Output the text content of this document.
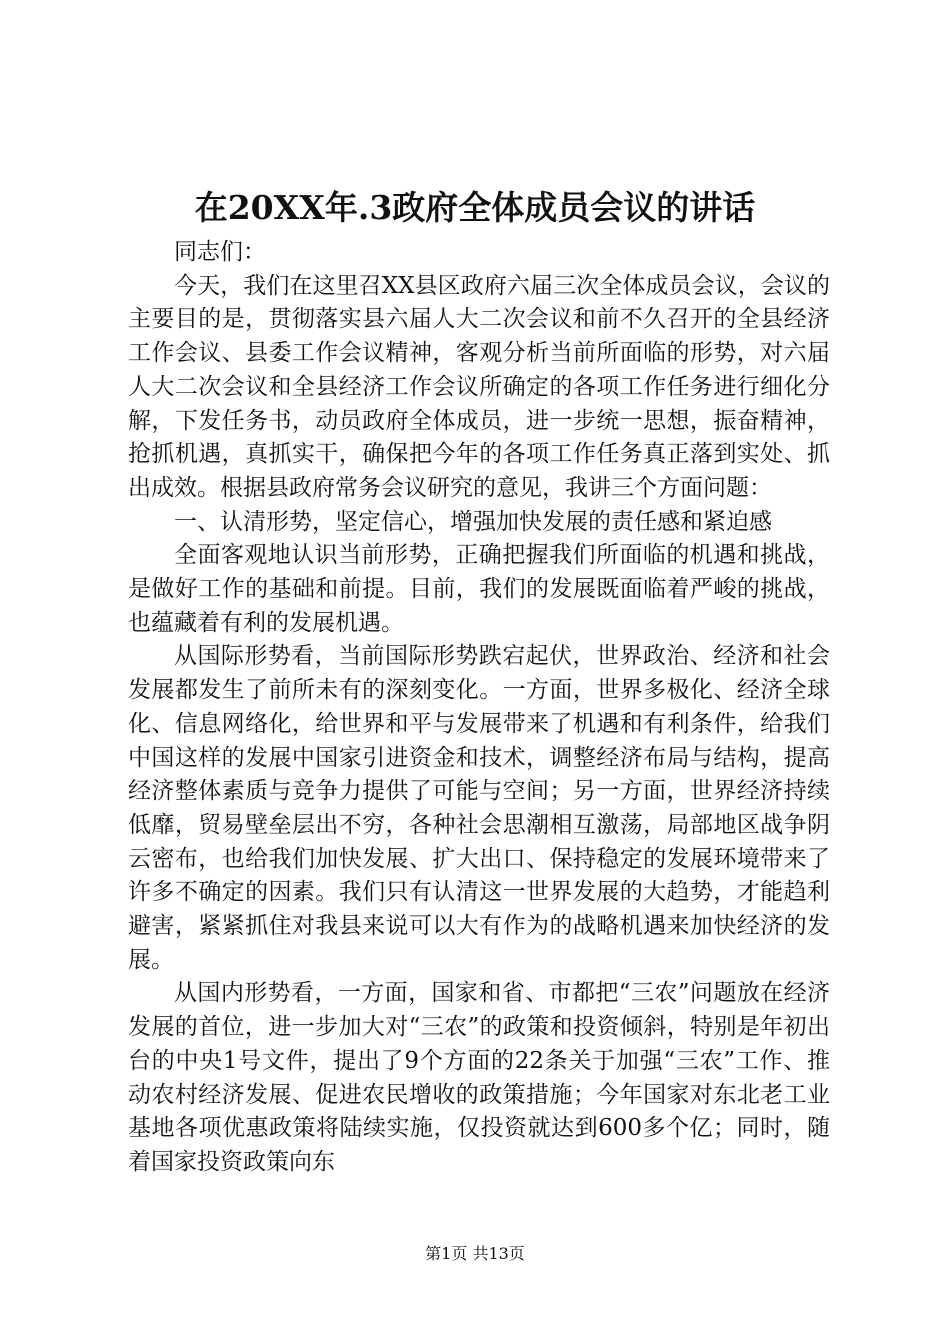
在20XX年.3政府全体成员会议的讲话

同志们：

今天，我们在这里召XX县区政府六届三次全体成员会议，会议的主要目的是，贯彻落实县六届人大二次会议和前不久召开的全县经济工作会议、县委工作会议精神，客观分析当前所面临的形势，对六届人大二次会议和全县经济工作会议所确定的各项工作任务进行细化分解，下发任务书，动员政府全体成员，进一步统一思想，振奋精神，抢抓机遇，真抓实干，确保把今年的各项工作任务真正落到实处、抓出成效。根据县政府常务会议研究的意见，我讲三个方面问题：

一、认清形势，坚定信心，增强加快发展的责任感和紧迫感

全面客观地认识当前形势，正确把握我们所面临的机遇和挑战，是做好工作的基础和前提。目前，我们的发展既面临着严峻的挑战，也蕴藏着有利的发展机遇。

从国际形势看，当前国际形势跌宕起伏，世界政治、经济和社会发展都发生了前所未有的深刻变化。一方面，世界多极化、经济全球化、信息网络化，给世界和平与发展带来了机遇和有利条件，给我们中国这样的发展中国家引进资金和技术，调整经济布局与结构，提高经济整体素质与竞争力提供了可能与空间；另一方面，世界经济持续低靡，贸易壁垒层出不穷，各种社会思潮相互激荡，局部地区战争阴云密布，也给我们加快发展、扩大出口、保持稳定的发展环境带来了许多不确定的因素。我们只有认清这一世界发展的大趋势，才能趋利避害，紧紧抓住对我县来说可以大有作为的战略机遇来加快经济的发展。

从国内形势看，一方面，国家和省、市都把“三农”问题放在经济发展的首位，进一步加大对“三农”的政策和投资倾斜，特别是年初出台的中央1号文件，提出了9个方面的22条关于加强“三农”工作、推动农村经济发展、促进农民增收的政策措施；今年国家对东北老工业基地各项优惠政策将陆续实施，仅投资就达到600多个亿；同时，随着国家投资政策向东

第1页 共13页
